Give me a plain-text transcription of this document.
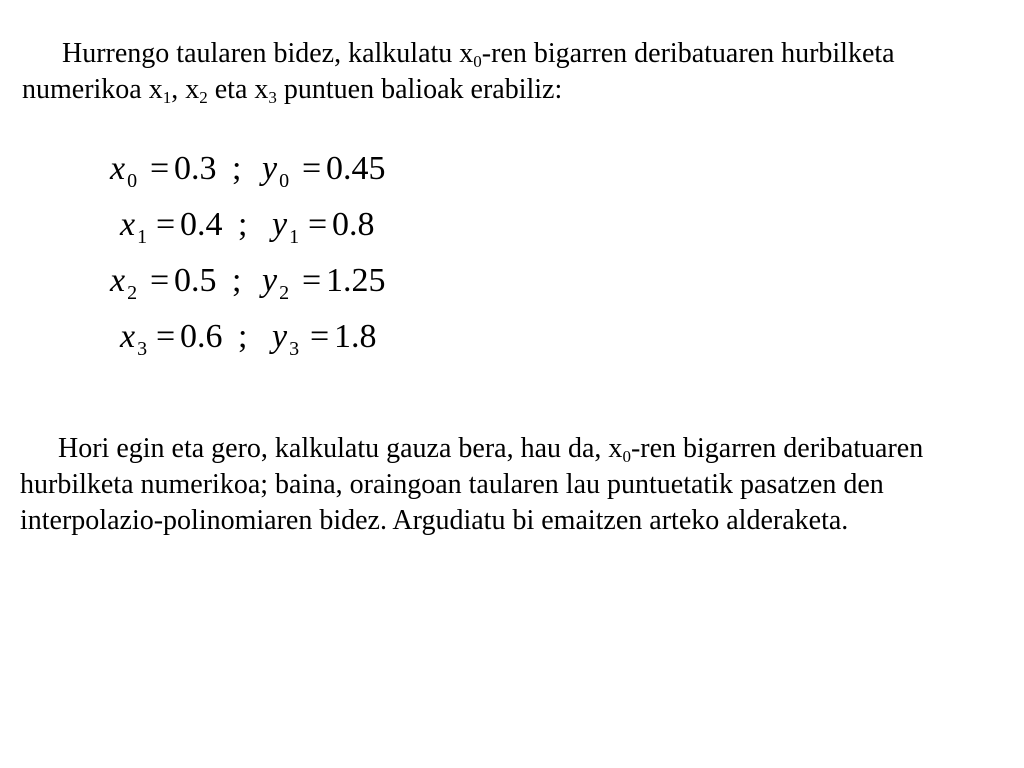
Hurrengo taularen bidez, kalkulatu $x_0$-ren bigarren deribatuaren hurbilketa numerikoa $x_1$, $x_2$ eta $x_3$ puntuen balioak erabiliz:

x $_0$ = 0.3 ; y $_0$ = 0.45
x $_1$ = 0.4 ; y $_1$ = 0.8
x $_2$ = 0.5 ; y $_2$ = 1.25
x $_3$ = 0.6 ; y $_3$ = 1.8

Hori egin eta gero, kalkulatu gauza bera, hau da, $x_0$-ren bigarren deribatuaren hurbilketa numerikoa; baina, oraingoan taularen lau puntuetatik pasatzen den interpolazio-polinomiaren bidez. Argudiatu bi emaitzen arteko alderaketa.
